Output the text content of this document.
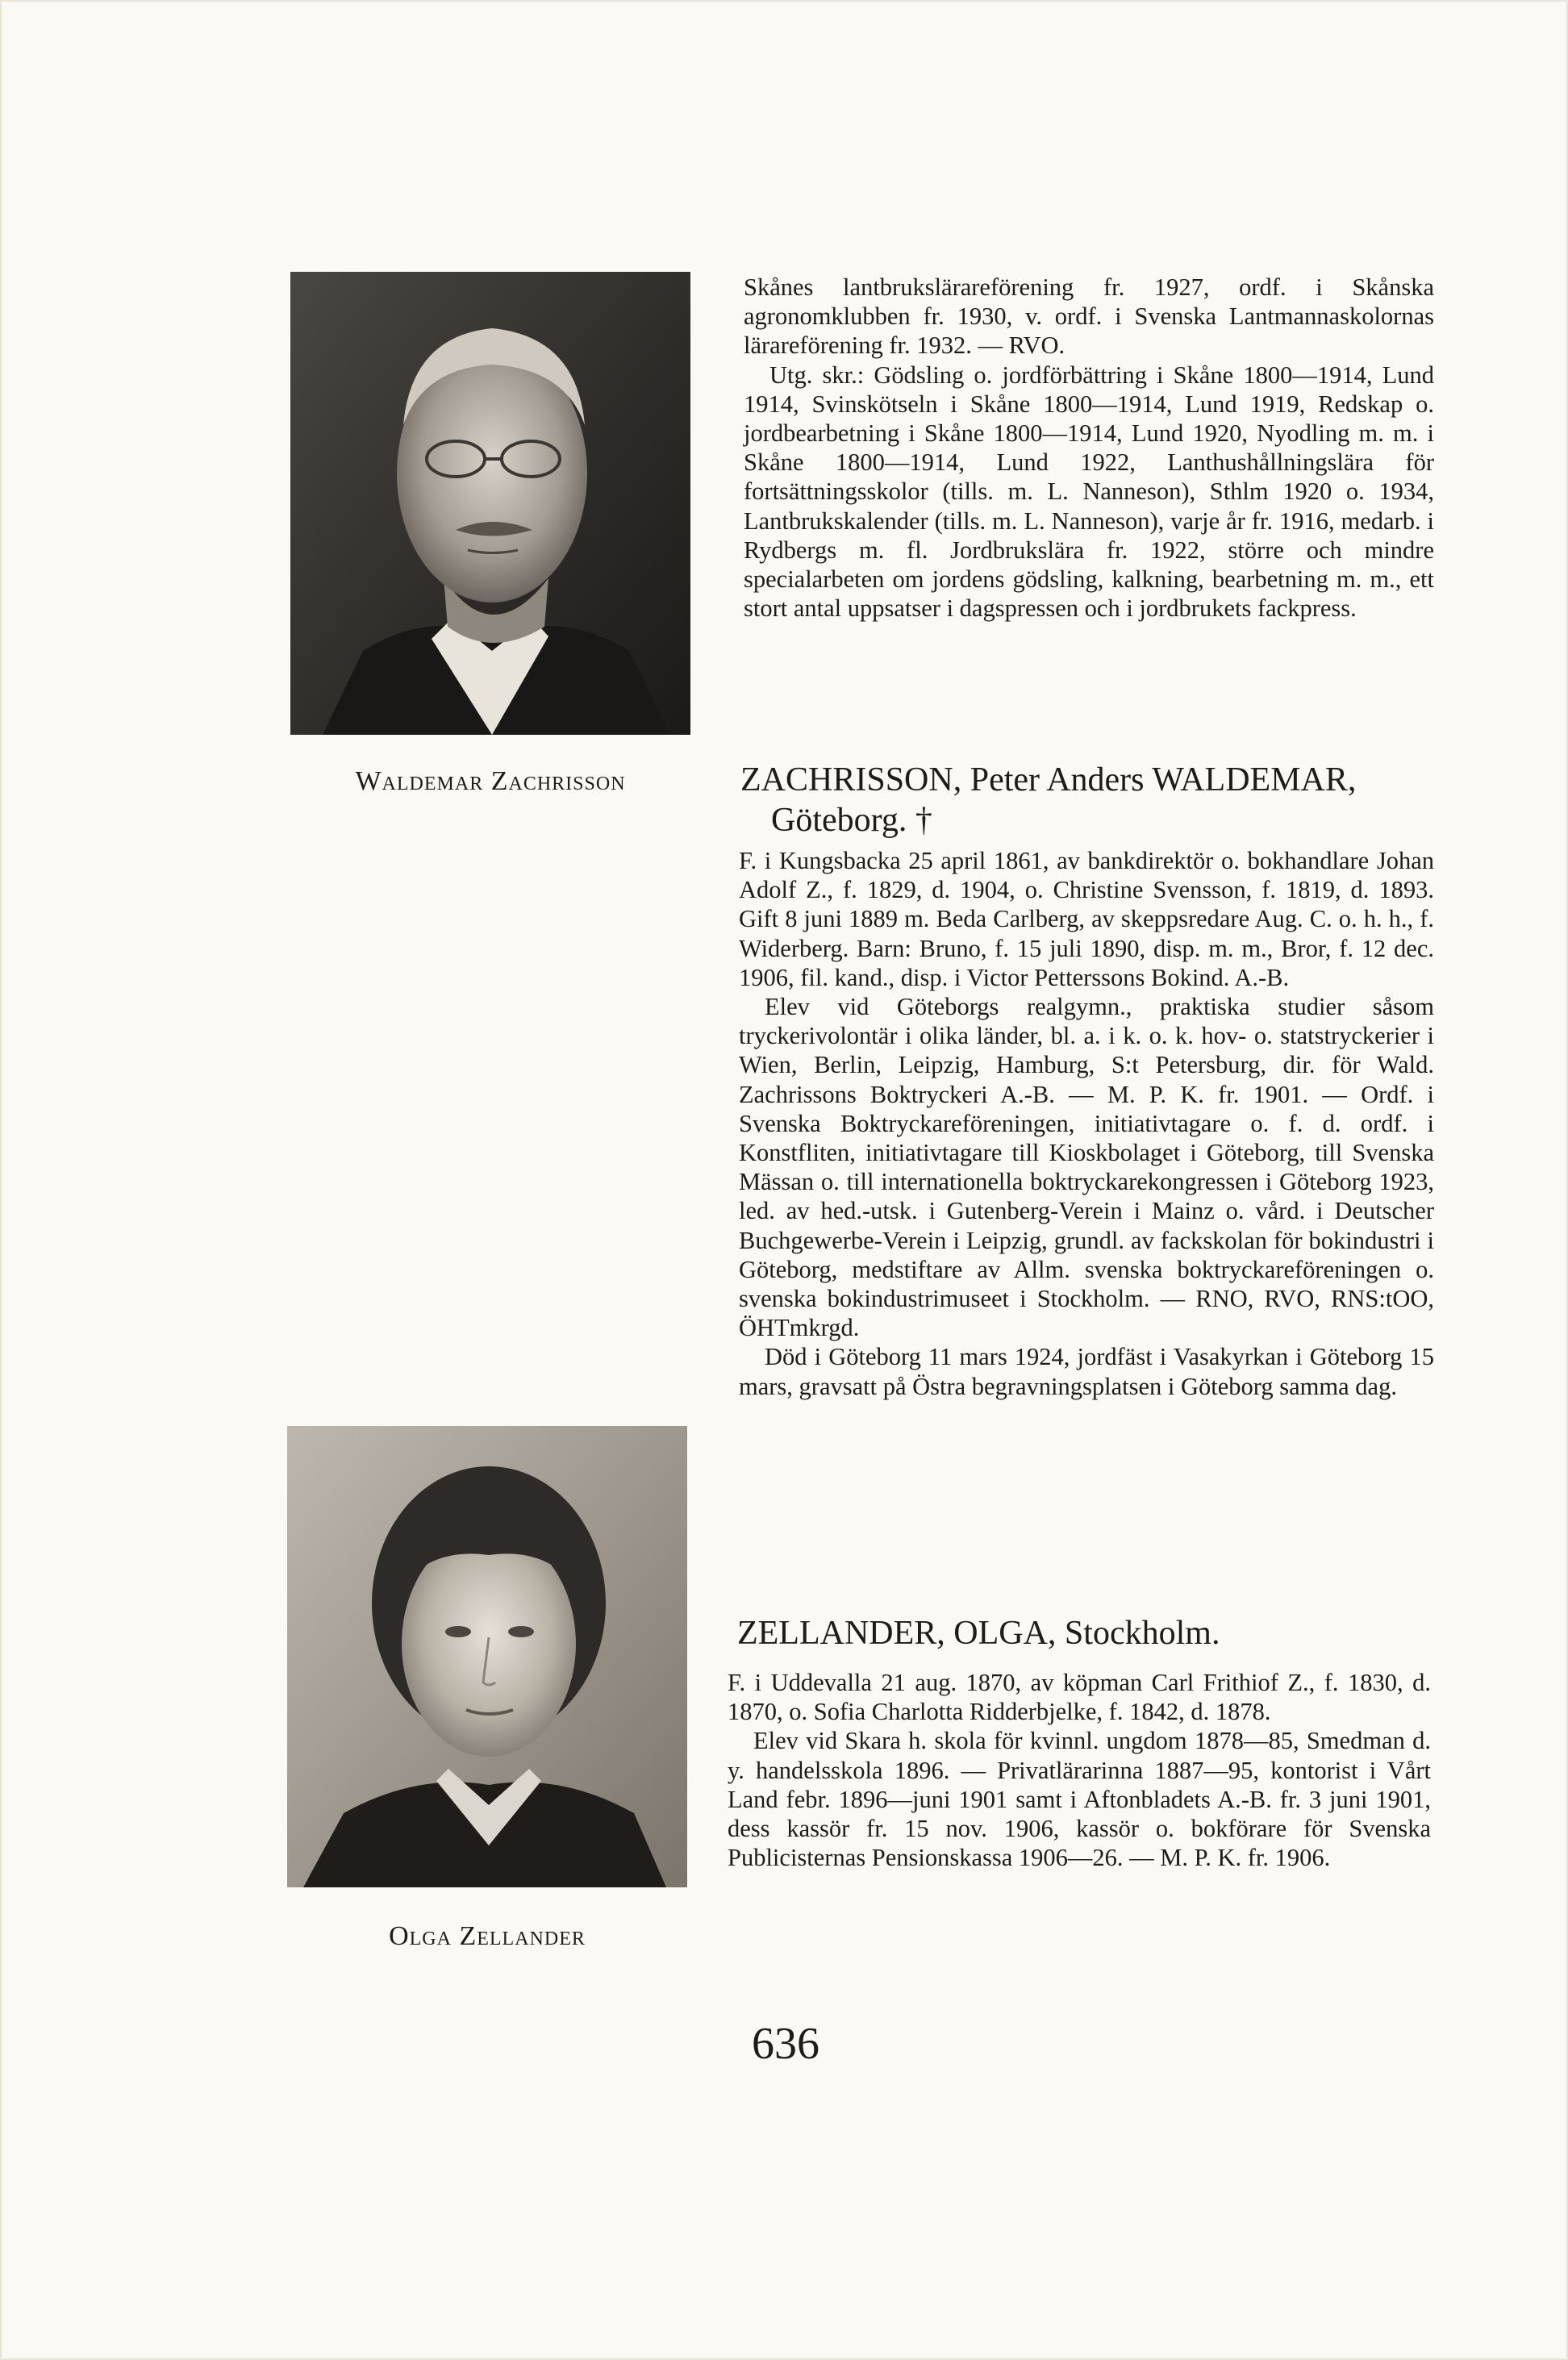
Waldemar Zachrisson

Skånes lantbrukslärareförening fr. 1927, ordf. i Skånska agronomklubben fr. 1930, v. ordf. i Svenska Lantmannaskolornas lärareförening fr. 1932. — RVO.

Utg. skr.: Gödsling o. jordförbättring i Skåne 1800—1914, Lund 1914, Svinskötseln i Skåne 1800—1914, Lund 1919, Redskap o. jordbearbetning i Skåne 1800—1914, Lund 1920, Nyodling m. m. i Skåne 1800—1914, Lund 1922, Lanthushållningslära för fortsättningsskolor (tills. m. L. Nanneson), Sthlm 1920 o. 1934, Lantbrukskalender (tills. m. L. Nanneson), varje år fr. 1916, medarb. i Rydbergs m. fl. Jordbrukslära fr. 1922, större och mindre specialarbeten om jordens gödsling, kalkning, bearbetning m. m., ett stort antal uppsatser i dagspressen och i jordbrukets fackpress.

ZACHRISSON, Peter Anders WALDEMAR,
Göteborg. †

F. i Kungsbacka 25 april 1861, av bankdirektör o. bokhandlare Johan Adolf Z., f. 1829, d. 1904, o. Christine Svensson, f. 1819, d. 1893. Gift 8 juni 1889 m. Beda Carlberg, av skeppsredare Aug. C. o. h. h., f. Widerberg. Barn: Bruno, f. 15 juli 1890, disp. m. m., Bror, f. 12 dec. 1906, fil. kand., disp. i Victor Petterssons Bokind. A.-B.

Elev vid Göteborgs realgymn., praktiska studier såsom tryckerivolontär i olika länder, bl. a. i k. o. k. hov- o. statstryckerier i Wien, Berlin, Leipzig, Hamburg, S:t Petersburg, dir. för Wald. Zachrissons Boktryckeri A.-B. — M. P. K. fr. 1901. — Ordf. i Svenska Boktryckareföreningen, initiativtagare o. f. d. ordf. i Konstfliten, initiativtagare till Kioskbolaget i Göteborg, till Svenska Mässan o. till internationella boktryckarekongressen i Göteborg 1923, led. av hed.-utsk. i Gutenberg-Verein i Mainz o. vård. i Deutscher Buchgewerbe-Verein i Leipzig, grundl. av fackskolan för bokindustri i Göteborg, medstiftare av Allm. svenska boktryckareföreningen o. svenska bokindustrimuseet i Stockholm. — RNO, RVO, RNS:tOO, ÖHTmkrgd.

Död i Göteborg 11 mars 1924, jordfäst i Vasakyrkan i Göteborg 15 mars, gravsatt på Östra begravningsplatsen i Göteborg samma dag.

Olga Zellander
ZELLANDER, OLGA, Stockholm.

F. i Uddevalla 21 aug. 1870, av köpman Carl Frithiof Z., f. 1830, d. 1870, o. Sofia Charlotta Ridderbjelke, f. 1842, d. 1878.

Elev vid Skara h. skola för kvinnl. ungdom 1878—85, Smedman d. y. handelsskola 1896. — Privatlärarinna 1887—95, kontorist i Vårt Land febr. 1896—juni 1901 samt i Aftonbladets A.-B. fr. 3 juni 1901, dess kassör fr. 15 nov. 1906, kassör o. bokförare för Svenska Publicisternas Pensionskassa 1906—26. — M. P. K. fr. 1906.

636
